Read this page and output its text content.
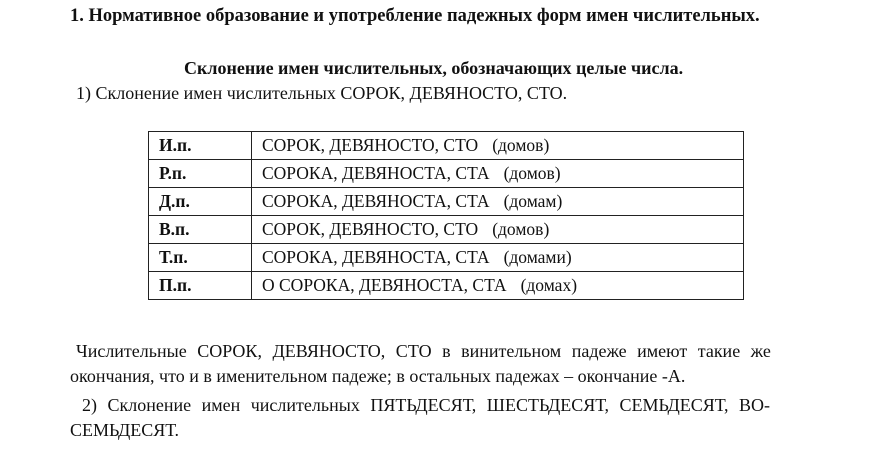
1. Нормативное образование и употребление падежных форм имен числительных.
Склонение имен числительных, обозначающих целые числа.
1) Склонение имен числительных СОРОК, ДЕВЯНОСТО, СТО.
И.п.	СОРОК, ДЕВЯНОСТО, СТО (домов)
Р.п.	СОРОКА, ДЕВЯНОСТА, СТА (домов)
Д.п.	СОРОКА, ДЕВЯНОСТА, СТА (домам)
В.п.	СОРОК, ДЕВЯНОСТО, СТО (домов)
Т.п.	СОРОКА, ДЕВЯНОСТА, СТА (домами)
П.п.	О СОРОКА, ДЕВЯНОСТА, СТА (домах)
Числительные СОРОК, ДЕВЯНОСТО, СТО в винительном падеже имеют такие же
окончания, что и в именительном падеже; в остальных падежах – окончание -А.
2) Склонение имен числительных ПЯТЬДЕСЯТ, ШЕСТЬДЕСЯТ, СЕМЬДЕСЯТ, ВО-
СЕМЬДЕСЯТ.
